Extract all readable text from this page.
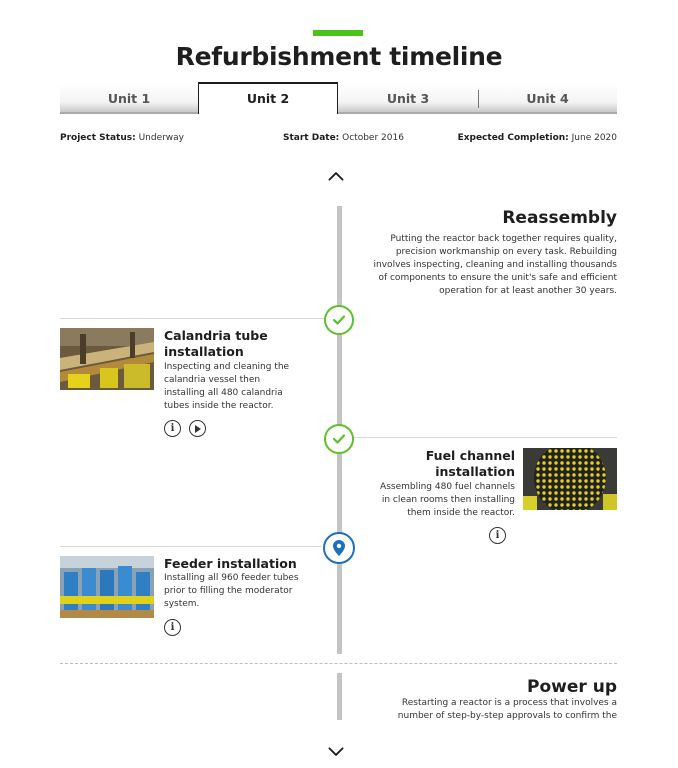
Refurbishment timeline
Unit 1	Unit 2	Unit 3	Unit 4
Project Status: Underway	Start Date: October 2016	Expected Completion: June 2020
Reassembly
Putting the reactor back together requires quality, precision workmanship on every task. Rebuilding involves inspecting, cleaning and installing thousands of components to ensure the unit's safe and efficient operation for at least another 30 years.
Calandria tube
installation
Inspecting and cleaning the calandria vessel then installing all 480 calandria tubes inside the reactor.
i
Fuel channel
installation
Assembling 480 fuel channels in clean rooms then installing them inside the reactor.
i
Feeder installation
Installing all 960 feeder tubes prior to filling the moderator system.
i
Power up
Restarting a reactor is a process that involves a number of step-by-step approvals to confirm the
